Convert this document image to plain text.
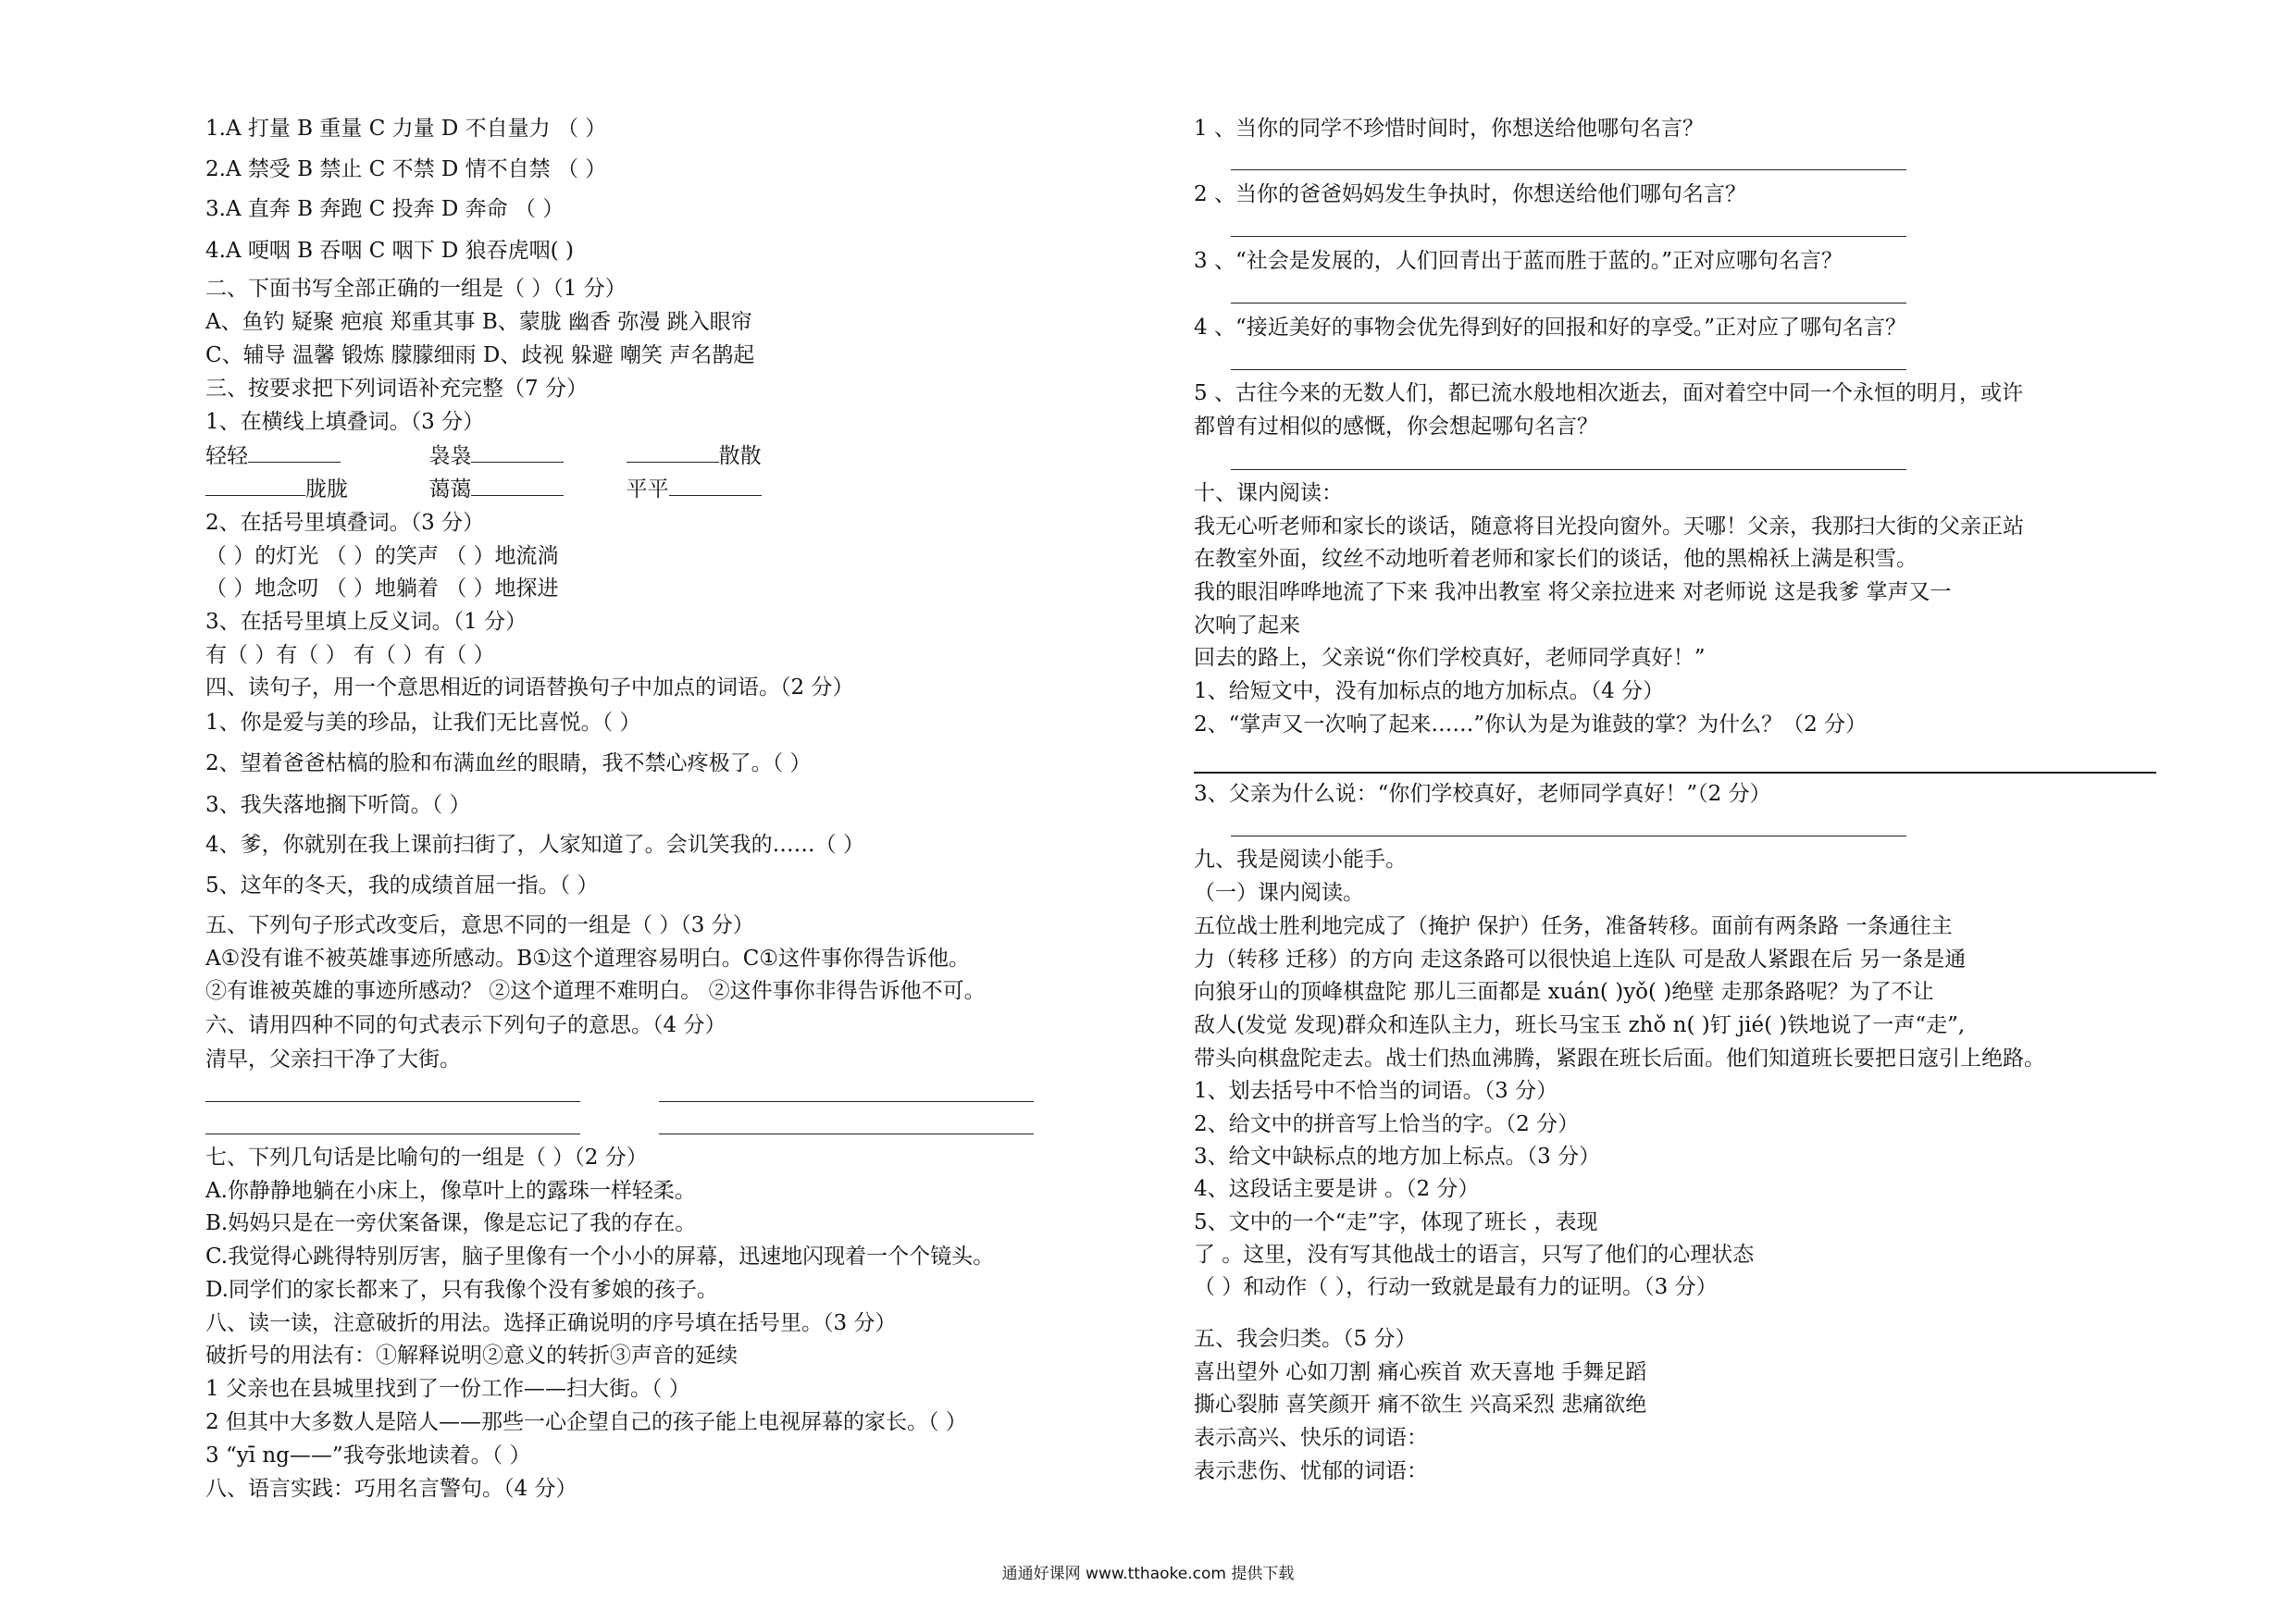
1.A 打量 B 重量 C 力量 D 不自量力 （ ）
2.A 禁受 B 禁止 C 不禁 D 情不自禁 （ ）
3.A 直奔 B 奔跑 C 投奔 D 奔命 （ ）
4.A 哽咽 B 吞咽 C 咽下 D 狼吞虎咽( )
二、下面书写全部正确的一组是（ ）（1 分）
A、鱼钓 疑聚 疤痕 郑重其事 B、蒙胧 幽香 弥漫 跳入眼帘
C、辅导 温馨 锻炼 朦朦细雨 D、歧视 躲避 嘲笑 声名鹊起
三、按要求把下列词语补充完整（7 分）
1、在横线上填叠词。（3 分）
轻轻	袅袅	散散
胧胧	蔼蔼	平平
2、在括号里填叠词。（3 分）
（ ）的灯光 （ ）的笑声 （ ）地流淌
（ ）地念叨 （ ）地躺着 （ ）地探进
3、在括号里填上反义词。（1 分）
有（ ）有（ ） 有（ ）有（ ）
四、读句子，用一个意思相近的词语替换句子中加点的词语。（2 分）
1、你是爱与美的珍品，让我们无比喜悦。（ ）
2、望着爸爸枯槁的脸和布满血丝的眼睛，我不禁心疼极了。（ ）
3、我失落地搁下听筒。（ ）
4、爹，你就别在我上课前扫街了，人家知道了。会讥笑我的……（ ）
5、这年的冬天，我的成绩首屈一指。（ ）
五、下列句子形式改变后，意思不同的一组是（ ）（3 分）
A①没有谁不被英雄事迹所感动。B①这个道理容易明白。C①这件事你得告诉他。
②有谁被英雄的事迹所感动？ ②这个道理不难明白。 ②这件事你非得告诉他不可。
六、请用四种不同的句式表示下列句子的意思。（4 分）
清早，父亲扫干净了大街。
七、下列几句话是比喻句的一组是（ ）（2 分）
A.你静静地躺在小床上，像草叶上的露珠一样轻柔。
B.妈妈只是在一旁伏案备课，像是忘记了我的存在。
C.我觉得心跳得特别厉害，脑子里像有一个小小的屏幕，迅速地闪现着一个个镜头。
D.同学们的家长都来了，只有我像个没有爹娘的孩子。
八、读一读，注意破折的用法。选择正确说明的序号填在括号里。（3 分）
破折号的用法有：①解释说明②意义的转折③声音的延续
1 父亲也在县城里找到了一份工作——扫大街。（ ）
2 但其中大多数人是陪人——那些一心企望自己的孩子能上电视屏幕的家长。（ ）
3 “yī ng——”我夸张地读着。（ ）
八、语言实践：巧用名言警句。（4 分）
1 、当你的同学不珍惜时间时，你想送给他哪句名言？
2 、当你的爸爸妈妈发生争执时，你想送给他们哪句名言？
3 、“社会是发展的，人们回青出于蓝而胜于蓝的。”正对应哪句名言？
4 、“接近美好的事物会优先得到好的回报和好的享受。”正对应了哪句名言？
5 、古往今来的无数人们，都已流水般地相次逝去，面对着空中同一个永恒的明月，或许
都曾有过相似的感慨，你会想起哪句名言？
十、课内阅读：
我无心听老师和家长的谈话，随意将目光投向窗外。天哪！父亲，我那扫大街的父亲正站
在教室外面，纹丝不动地听着老师和家长们的谈话，他的黑棉袄上满是积雪。
我的眼泪哗哗地流了下来 我冲出教室 将父亲拉进来 对老师说 这是我爹 掌声又一
次响了起来
回去的路上，父亲说“你们学校真好，老师同学真好！”
1、给短文中，没有加标点的地方加标点。（4 分）
2、“掌声又一次响了起来……”你认为是为谁鼓的掌？为什么？（2 分）
3、父亲为什么说：“你们学校真好，老师同学真好！”（2 分）
九、我是阅读小能手。
（一）课内阅读。
五位战士胜利地完成了（掩护 保护）任务，准备转移。面前有两条路 一条通往主
力（转移 迁移）的方向 走这条路可以很快追上连队 可是敌人紧跟在后 另一条是通
向狼牙山的顶峰棋盘陀 那儿三面都是 xuán( )yǒ( )绝壁 走那条路呢？为了不让
敌人(发觉 发现)群众和连队主力，班长马宝玉 zhǒ n( )钉 jié( )铁地说了一声“走”,
带头向棋盘陀走去。战士们热血沸腾，紧跟在班长后面。他们知道班长要把日寇引上绝路。
1、划去括号中不恰当的词语。（3 分）
2、给文中的拼音写上恰当的字。（2 分）
3、给文中缺标点的地方加上标点。（3 分）
4、这段话主要是讲 。（2 分）
5、文中的一个“走”字，体现了班长 ，表现
了 。这里，没有写其他战士的语言，只写了他们的心理状态
（ ）和动作（ ），行动一致就是最有力的证明。（3 分）
五、我会归类。（5 分）
喜出望外 心如刀割 痛心疾首 欢天喜地 手舞足蹈
撕心裂肺 喜笑颜开 痛不欲生 兴高采烈 悲痛欲绝
表示高兴、快乐的词语：
表示悲伤、忧郁的词语：
通通好课网 www.tthaoke.com 提供下载
